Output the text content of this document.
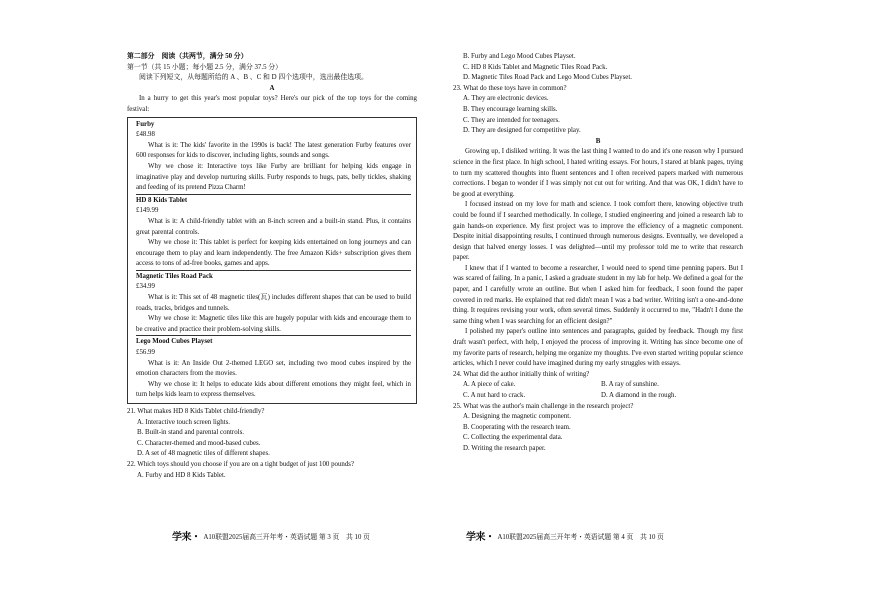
第二部分　阅读（共两节，满分 50 分）

第一节（共 15 小题；每小题 2.5 分，满分 37.5 分）

阅读下列短文，从每题所给的 A 、B 、C 和 D 四个选项中，选出最佳选项。

A

In a hurry to get this year's most popular toys? Here's our pick of the top toys for the coming festival:

Furby

£48.98

What is it: The kids' favorite in the 1990s is back! The latest generation Furby features over 600 responses for kids to discover, including lights, sounds and songs.

Why we chose it: Interactive toys like Furby are brilliant for helping kids engage in imaginative play and develop nurturing skills. Furby responds to hugs, pats, belly tickles, shaking and feeding of its pretend Pizza Charm!

HD 8 Kids Tablet

£149.99

What is it: A child-friendly tablet with an 8-inch screen and a built-in stand. Plus, it contains great parental controls.

Why we chose it: This tablet is perfect for keeping kids entertained on long journeys and can encourage them to play and learn independently. The free Amazon Kids+ subscription gives them access to tons of ad-free books, games and apps.

Magnetic Tiles Road Pack

£34.99

What is it: This set of 48 magnetic tiles(瓦) includes different shapes that can be used to build roads, tracks, bridges and tunnels.

Why we chose it: Magnetic tiles like this are hugely popular with kids and encourage them to be creative and practice their problem-solving skills.

Lego Mood Cubes Playset

£56.99

What is it: An Inside Out 2-themed LEGO set, including two mood cubes inspired by the emotion characters from the movies.

Why we chose it: It helps to educate kids about different emotions they might feel, which in turn helps kids learn to express themselves.

21. What makes HD 8 Kids Tablet child-friendly?

A. Interactive touch screen lights.

B. Built-in stand and parental controls.

C. Character-themed and mood-based cubes.

D. A set of 48 magnetic tiles of different shapes.

22. Which toys should you choose if you are on a tight budget of just 100 pounds?

A. Furby and HD 8 Kids Tablet.

学来・ A10联盟2025届高三开年考・英语试题 第 3 页　共 10 页

B. Furby and Lego Mood Cubes Playset.

C. HD 8 Kids Tablet and Magnetic Tiles Road Pack.

D. Magnetic Tiles Road Pack and Lego Mood Cubes Playset.

23. What do these toys have in common?

A. They are electronic devices.

B. They encourage learning skills.

C. They are intended for teenagers.

D. They are designed for competitive play.

B

Growing up, I disliked writing. It was the last thing I wanted to do and it's one reason why I pursued science in the first place. In high school, I hated writing essays. For hours, I stared at blank pages, trying to turn my scattered thoughts into fluent sentences and I often received papers marked with numerous corrections. I began to wonder if I was simply not cut out for writing. And that was OK, I didn't have to be good at everything.

I focused instead on my love for math and science. I took comfort there, knowing objective truth could be found if I searched methodically. In college, I studied engineering and joined a research lab to gain hands-on experience. My first project was to improve the efficiency of a magnetic component. Despite initial disappointing results, I continued through numerous designs. Eventually, we developed a design that halved energy losses. I was delighted—until my professor told me to write that research paper.

I knew that if I wanted to become a researcher, I would need to spend time penning papers. But I was scared of failing. In a panic, I asked a graduate student in my lab for help. We defined a goal for the paper, and I carefully wrote an outline. But when I asked him for feedback, I soon found the paper covered in red marks. He explained that red didn't mean I was a bad writer. Writing isn't a one-and-done thing. It requires revising your work, often several times. Suddenly it occurred to me, "Hadn't I done the same thing when I was searching for an efficient design?"

I polished my paper's outline into sentences and paragraphs, guided by feedback. Though my first draft wasn't perfect, with help, I enjoyed the process of improving it. Writing has since become one of my favorite parts of research, helping me organize my thoughts. I've even started writing popular science articles, which I never could have imagined during my early struggles with essays.

24. What did the author initially think of writing?

A. A piece of cake.	B. A ray of sunshine.
C. A nut hard to crack.	D. A diamond in the rough.

25. What was the author's main challenge in the research project?

A. Designing the magnetic component.

B. Cooperating with the research team.

C. Collecting the experimental data.

D. Writing the research paper.

学来・ A10联盟2025届高三开年考・英语试题 第 4 页　共 10 页
